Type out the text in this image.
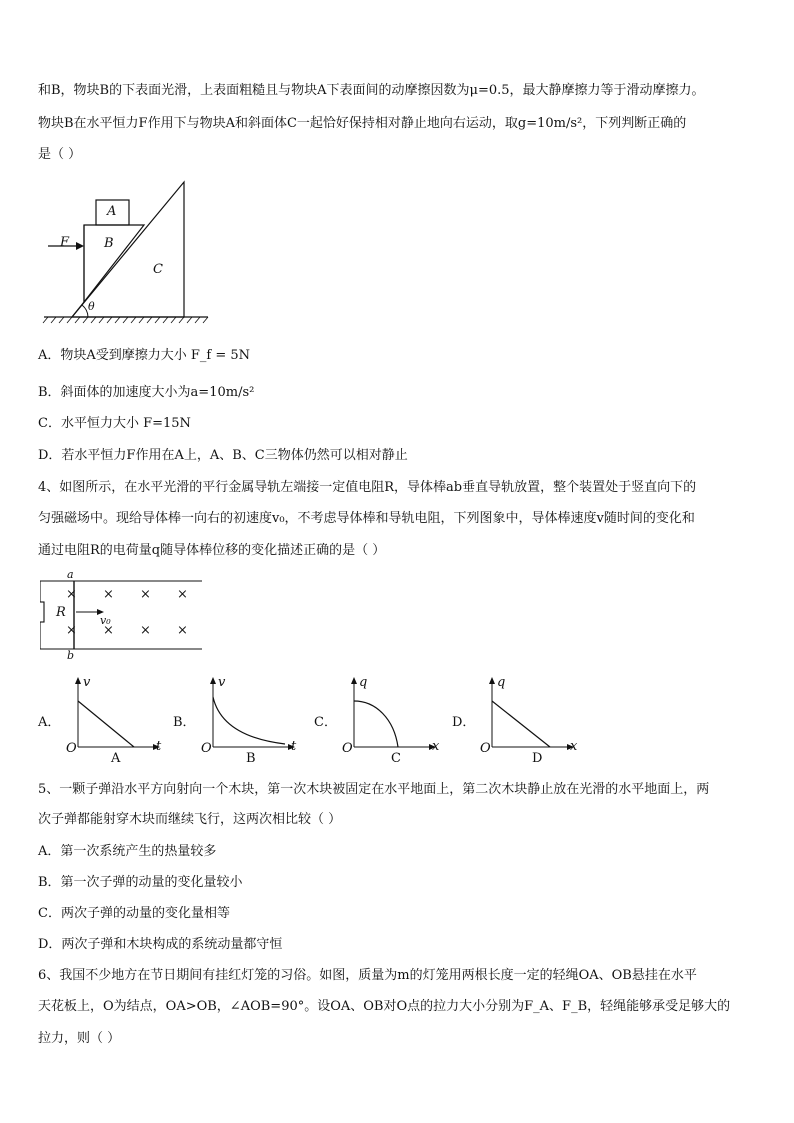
和B，物块B的下表面光滑，上表面粗糙且与物块A下表面间的动摩擦因数为μ=0.5，最大静摩擦力等于滑动摩擦力。
物块B在水平恒力F作用下与物块A和斜面体C一起恰好保持相对静止地向右运动，取g=10m/s²，下列判断正确的
是（ ）
A
B
C
F
θ
A．物块A受到摩擦力大小 F_f = 5N
B．斜面体的加速度大小为a=10m/s²
C．水平恒力大小 F=15N
D．若水平恒力F作用在A上，A、B、C三物体仍然可以相对静止
4、如图所示，在水平光滑的平行金属导轨左端接一定值电阻R，导体棒ab垂直导轨放置，整个装置处于竖直向下的
匀强磁场中。现给导体棒一向右的初速度v₀，不考虑导体棒和导轨电阻，下列图象中，导体棒速度v随时间的变化和
通过电阻R的电荷量q随导体棒位移的变化描述正确的是（ ）
a
b
R
v₀
× × × ×
× × × ×
A．
v
t
O
A
B．
v
t
O
B
C．
q
x
O
C
D．
q
x
O
D
5、一颗子弹沿水平方向射向一个木块，第一次木块被固定在水平地面上，第二次木块静止放在光滑的水平地面上，两
次子弹都能射穿木块而继续飞行，这两次相比较（ ）
A．第一次系统产生的热量较多
B．第一次子弹的动量的变化量较小
C．两次子弹的动量的变化量相等
D．两次子弹和木块构成的系统动量都守恒
6、我国不少地方在节日期间有挂红灯笼的习俗。如图，质量为m的灯笼用两根长度一定的轻绳OA、OB悬挂在水平
天花板上，O为结点，OA>OB，∠AOB=90°。设OA、OB对O点的拉力大小分别为F_A、F_B，轻绳能够承受足够大的
拉力，则（ ）
